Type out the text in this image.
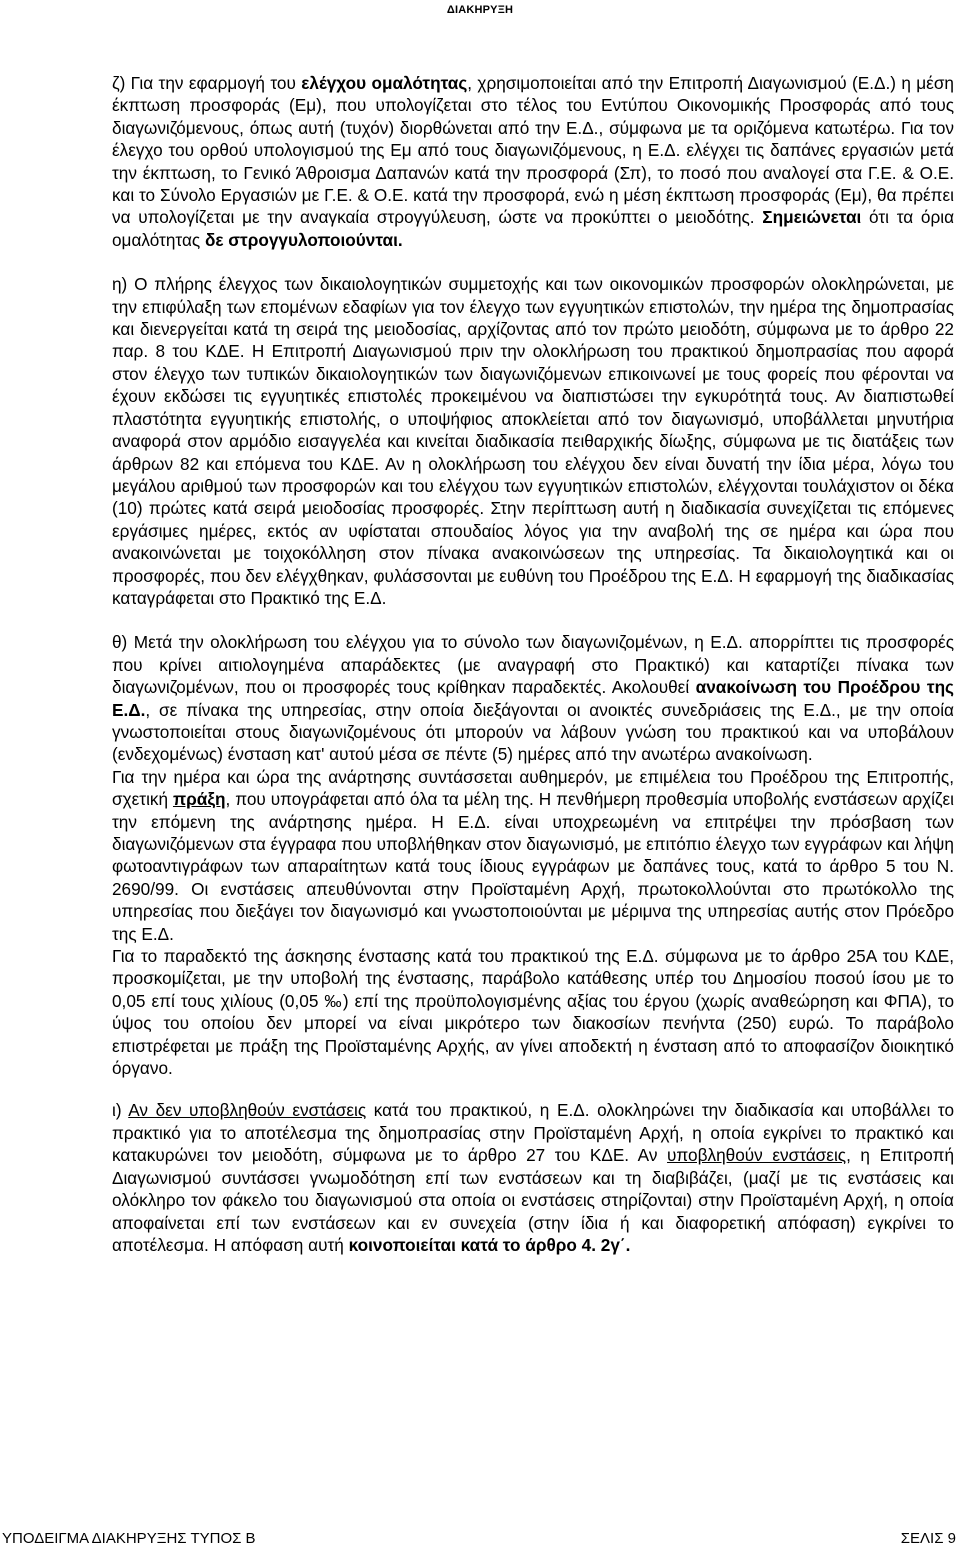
ΔΙΑΚΗΡΥΞΗ

ζ) Για την εφαρμογή του ελέγχου ομαλότητας, χρησιμοποιείται από την Επιτροπή Διαγωνισμού (Ε.Δ.) η μέση έκπτωση προσφοράς (Εμ), που υπολογίζεται στο τέλος του Εντύπου Οικονομικής Προσφοράς από τους διαγωνιζόμενους, όπως αυτή (τυχόν) διορθώνεται από την Ε.Δ., σύμφωνα με τα οριζόμενα κατωτέρω. Για τον έλεγχο του ορθού υπολογισμού της Εμ από τους διαγωνιζόμενους, η Ε.Δ. ελέγχει τις δαπάνες εργασιών μετά την έκπτωση, το Γενικό Άθροισμα Δαπανών κατά την προσφορά (Σπ), το ποσό που αναλογεί στα Γ.Ε. & Ο.Ε. και το Σύνολο Εργασιών με Γ.Ε. & Ο.Ε. κατά την προσφορά, ενώ η μέση έκπτωση προσφοράς (Εμ), θα πρέπει να υπολογίζεται με την αναγκαία στρογγύλευση, ώστε να προκύπτει ο μειοδότης. Σημειώνεται ότι τα όρια ομαλότητας δε στρογγυλοποιούνται.

η) Ο πλήρης έλεγχος των δικαιολογητικών συμμετοχής και των οικονομικών προσφορών ολοκληρώνεται, με την επιφύλαξη των επομένων εδαφίων για τον έλεγχο των εγγυητικών επιστολών, την ημέρα της δημοπρασίας και διενεργείται κατά τη σειρά της μειοδοσίας, αρχίζοντας από τον πρώτο μειοδότη, σύμφωνα με το άρθρο 22 παρ. 8 του ΚΔΕ. Η Επιτροπή Διαγωνισμού πριν την ολοκλήρωση του πρακτικού δημοπρασίας που αφορά στον έλεγχο των τυπικών δικαιολογητικών των διαγωνιζόμενων επικοινωνεί με τους φορείς που φέρονται να έχουν εκδώσει τις εγγυητικές επιστολές προκειμένου να διαπιστώσει την εγκυρότητά τους. Αν διαπιστωθεί πλαστότητα εγγυητικής επιστολής, ο υποψήφιος αποκλείεται από τον διαγωνισμό, υποβάλλεται μηνυτήρια αναφορά στον αρμόδιο εισαγγελέα και κινείται διαδικασία πειθαρχικής δίωξης, σύμφωνα με τις διατάξεις των άρθρων 82 και επόμενα του ΚΔΕ. Αν η ολοκλήρωση του ελέγχου δεν είναι δυνατή την ίδια μέρα, λόγω του μεγάλου αριθμού των προσφορών και του ελέγχου των εγγυητικών επιστολών, ελέγχονται τουλάχιστον οι δέκα (10) πρώτες κατά σειρά μειοδοσίας προσφορές. Στην περίπτωση αυτή η διαδικασία συνεχίζεται τις επόμενες εργάσιμες ημέρες, εκτός αν υφίσταται σπουδαίος λόγος για την αναβολή της σε ημέρα και ώρα που ανακοινώνεται με τοιχοκόλληση στον πίνακα ανακοινώσεων της υπηρεσίας. Τα δικαιολογητικά και οι προσφορές, που δεν ελέγχθηκαν, φυλάσσονται με ευθύνη του Προέδρου της Ε.Δ. Η εφαρμογή της διαδικασίας καταγράφεται στο Πρακτικό της Ε.Δ.

θ) Μετά την ολοκλήρωση του ελέγχου για το σύνολο των διαγωνιζομένων, η Ε.Δ. απορρίπτει τις προσφορές που κρίνει αιτιολογημένα απαράδεκτες (με αναγραφή στο Πρακτικό) και καταρτίζει πίνακα των διαγωνιζομένων, που οι προσφορές τους κρίθηκαν παραδεκτές. Ακολουθεί ανακοίνωση του Προέδρου της Ε.Δ., σε πίνακα της υπηρεσίας, στην οποία διεξάγονται οι ανοικτές συνεδριάσεις της Ε.Δ., με την οποία γνωστοποιείται στους διαγωνιζομένους ότι μπορούν να λάβουν γνώση του πρακτικού και να υποβάλουν (ενδεχομένως) ένσταση κατ' αυτού μέσα σε πέντε (5) ημέρες από την ανωτέρω ανακοίνωση.

Για την ημέρα και ώρα της ανάρτησης συντάσσεται αυθημερόν, με επιμέλεια του Προέδρου της Επιτροπής, σχετική πράξη, που υπογράφεται από όλα τα μέλη της. Η πενθήμερη προθεσμία υποβολής ενστάσεων αρχίζει την επόμενη της ανάρτησης ημέρα. Η Ε.Δ. είναι υποχρεωμένη να επιτρέψει την πρόσβαση των διαγωνιζόμενων στα έγγραφα που υποβλήθηκαν στον διαγωνισμό, με επιτόπιο έλεγχο των εγγράφων και λήψη φωτοαντιγράφων των απαραίτητων κατά τους ίδιους εγγράφων με δαπάνες τους, κατά το άρθρο 5 του Ν. 2690/99. Οι ενστάσεις απευθύνονται στην Προϊσταμένη Αρχή, πρωτοκολλούνται στο πρωτόκολλο της υπηρεσίας που διεξάγει τον διαγωνισμό και γνωστοποιούνται με μέριμνα της υπηρεσίας αυτής στον Πρόεδρο της Ε.Δ.

Για το παραδεκτό της άσκησης ένστασης κατά του πρακτικού της Ε.Δ. σύμφωνα με το άρθρο 25Α του ΚΔΕ, προσκομίζεται, με την υποβολή της ένστασης, παράβολο κατάθεσης υπέρ του Δημοσίου ποσού ίσου με το 0,05 επί τους χιλίους (0,05 ‰) επί της προϋπολογισμένης αξίας του έργου (χωρίς αναθεώρηση και ΦΠΑ), το ύψος του οποίου δεν μπορεί να είναι μικρότερο των διακοσίων πενήντα (250) ευρώ. Το παράβολο επιστρέφεται με πράξη της Προϊσταμένης Αρχής, αν γίνει αποδεκτή η ένσταση από το αποφασίζον διοικητικό όργανο.

ι) Αν δεν υποβληθούν ενστάσεις κατά του πρακτικού, η Ε.Δ. ολοκληρώνει την διαδικασία και υποβάλλει το πρακτικό για το αποτέλεσμα της δημοπρασίας στην Προϊσταμένη Αρχή, η οποία εγκρίνει το πρακτικό και κατακυρώνει τον μειοδότη, σύμφωνα με το άρθρο 27 του ΚΔΕ. Αν υποβληθούν ενστάσεις, η Επιτροπή Διαγωνισμού συντάσσει γνωμοδότηση επί των ενστάσεων και τη διαβιβάζει, (μαζί με τις ενστάσεις και ολόκληρο τον φάκελο του διαγωνισμού στα οποία οι ενστάσεις στηρίζονται) στην Προϊσταμένη Αρχή, η οποία αποφαίνεται επί των ενστάσεων και εν συνεχεία (στην ίδια ή και διαφορετική απόφαση) εγκρίνει το αποτέλεσμα. Η απόφαση αυτή κοινοποιείται κατά το άρθρο 4. 2γ΄.

ΥΠΟΔΕΙΓΜΑ ΔΙΑΚΗΡΥΞΗΣ ΤΥΠΟΣ Β	ΣΕΛΙΣ 9
